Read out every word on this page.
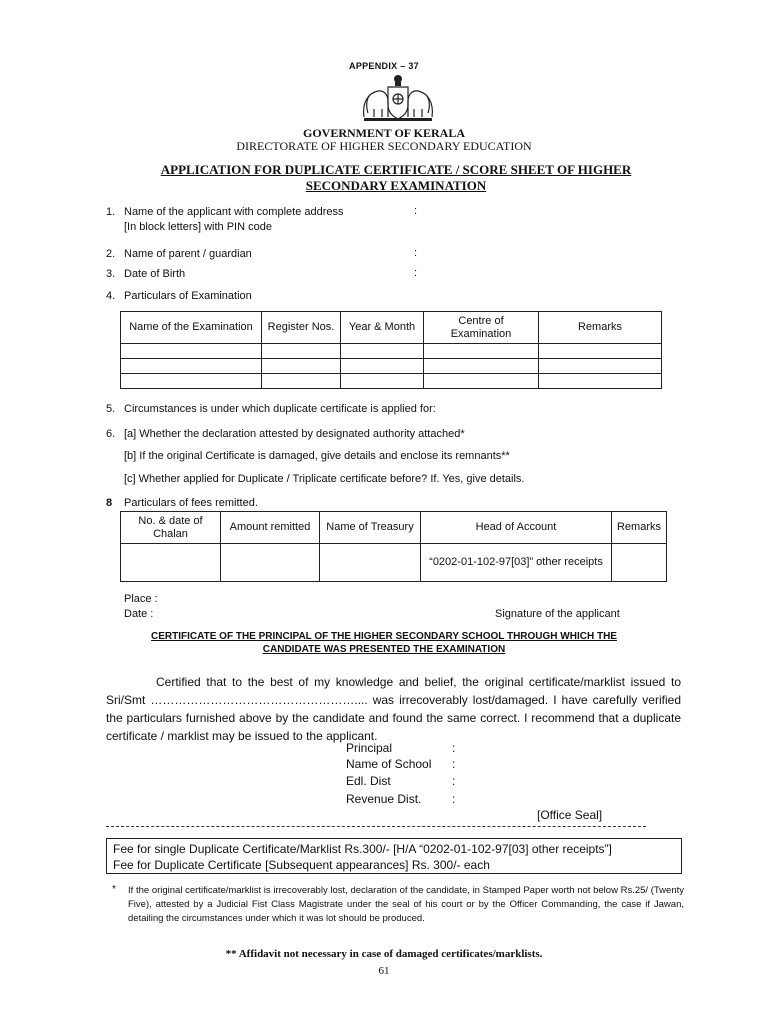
APPENDIX – 37
GOVERNMENT OF KERALA
DIRECTORATE OF HIGHER SECONDARY EDUCATION
APPLICATION FOR DUPLICATE CERTIFICATE / SCORE SHEET OF HIGHER
SECONDARY EXAMINATION
1. Name of the applicant with complete address
[In block letters] with PIN code
:
2. Name of parent / guardian	:
3. Date of Birth	:
4. Particulars of Examination
Name of the Examination	Register Nos.	Year & Month	Centre of Examination	Remarks

5. Circumstances is under which duplicate certificate is applied for:
6. [a] Whether the declaration attested by designated authority attached*
[b] If the original Certificate is damaged, give details and enclose its remnants**
[c] Whether applied for Duplicate / Triplicate certificate before? If. Yes, give details.
8 Particulars of fees remitted.
No. & date of Chalan	Amount remitted	Name of Treasury	Head of Account	Remarks
			“0202-01-102-97[03]” other receipts	
Place :
Date :	Signature of the applicant
CERTIFICATE OF THE PRINCIPAL OF THE HIGHER SECONDARY SCHOOL THROUGH WHICH THE
CANDIDATE WAS PRESENTED THE EXAMINATION

Certified that to the best of my knowledge and belief, the original certificate/marklist issued to Sri/Smt …………………………………………….... was irrecoverably lost/damaged. I have carefully verified the particulars furnished above by the candidate and found the same correct. I recommend that a duplicate certificate / marklist may be issued to the applicant.

Principal	:
Name of School :
Edl. Dist	:
Revenue Dist.	:
[Office Seal]
Fee for single Duplicate Certificate/Marklist Rs.300/- [H/A “0202-01-102-97[03] other receipts”]
Fee for Duplicate Certificate [Subsequent appearances] Rs. 300/- each
* If the original certificate/marklist is irrecoverably lost, declaration of the candidate, in Stamped Paper worth not below Rs.25/ (Twenty Five), attested by a Judicial Fist Class Magistrate under the seal of his court or by the Officer Commanding, the case if Jawan, detailing the circumstances under which it was lot should be produced.
** Affidavit not necessary in case of damaged certificates/marklists.
61
